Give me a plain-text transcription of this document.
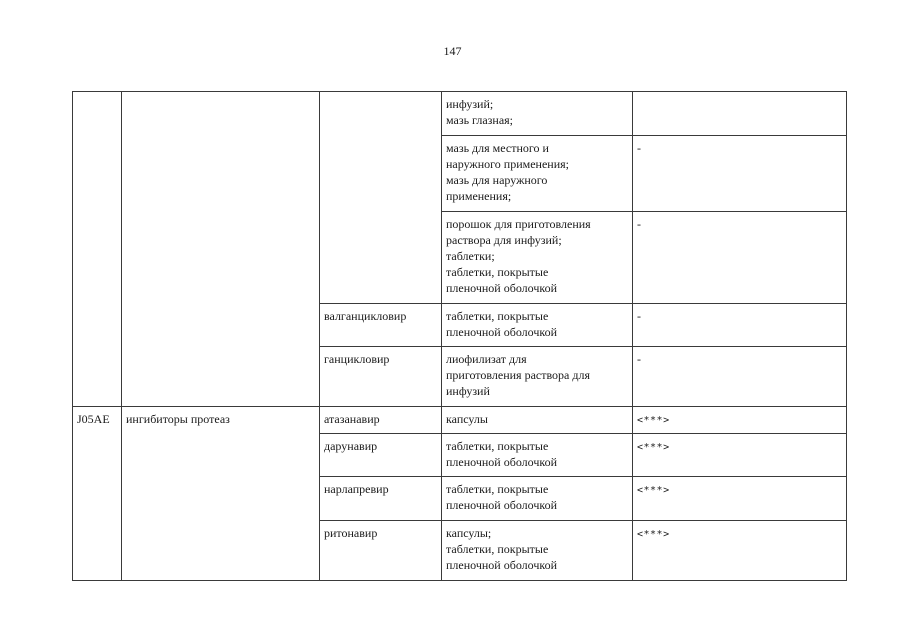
147

			инфузий;
мазь глазная;	

			мазь для местного и
наружного применения;
мазь для наружного
применения;	-

			порошок для приготовления
раствора для инфузий;
таблетки;
таблетки, покрытые
пленочной оболочкой	-
		валганцикловир	таблетки, покрытые
пленочной оболочкой	-
		ганцикловир	лиофилизат для
приготовления раствора для
инфузий	-
J05AE	ингибиторы протеаз	атазанавир	капсулы	<***>
		дарунавир	таблетки, покрытые
пленочной оболочкой	<***>
		нарлапревир	таблетки, покрытые
пленочной оболочкой	<***>
		ритонавир	капсулы;
таблетки, покрытые
пленочной оболочкой	<***>
